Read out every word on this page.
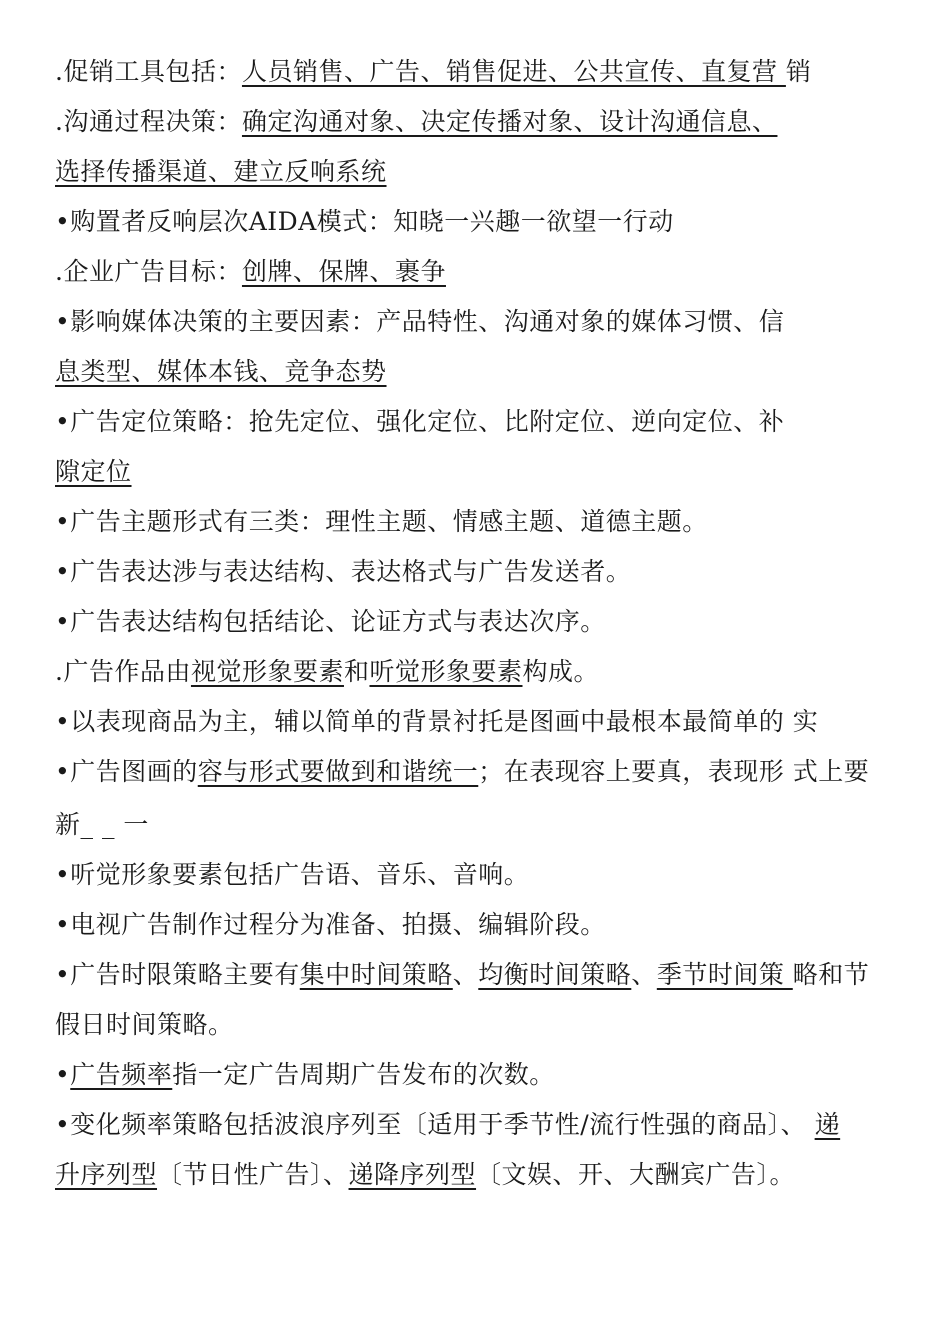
.促销工具包括：人员销售、广告、销售促进、公共宣传、直复营 销
.沟通过程决策：确定沟通对象、决定传播对象、设计沟通信息、
选择传播渠道、建立反响系统
•购置者反响层次AIDA模式：知晓一兴趣一欲望一行动
.企业广告目标：创牌、保牌、裹争
•影响媒体决策的主要因素：产品特性、沟通对象的媒体习惯、信
息类型、媒体本钱、竞争态势
•广告定位策略：抢先定位、强化定位、比附定位、逆向定位、补
隙定位
•广告主题形式有三类：理性主题、情感主题、道德主题。
•广告表达涉与表达结构、表达格式与广告发送者。
•广告表达结构包括结论、论证方式与表达次序。
.广告作品由视觉形象要素和听觉形象要素构成。
•以表现商品为主，辅以简单的背景衬托是图画中最根本最简单的 实
•广告图画的容与形式要做到和谐统一；在表现容上要真，表现形 式上要
新_ _ 一
•听觉形象要素包括广告语、音乐、音响。
•电视广告制作过程分为准备、拍摄、编辑阶段。
•广告时限策略主要有集中时间策略、均衡时间策略、季节时间策 略和节
假日时间策略。
•广告频率指一定广告周期广告发布的次数。
•变化频率策略包括波浪序列至〔适用于季节性/流行性强的商品〕、 递
升序列型〔节日性广告〕、递降序列型〔文娱、开、大酬宾广告〕。
